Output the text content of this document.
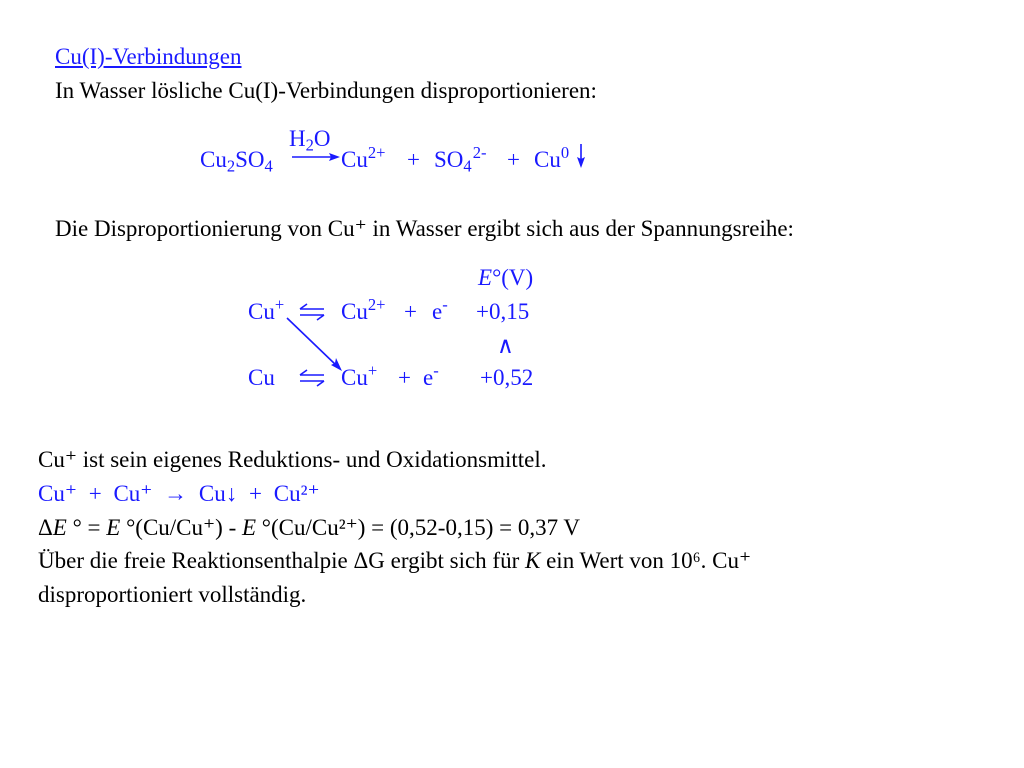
Cu(I)-Verbindungen
In Wasser lösliche Cu(I)-Verbindungen disproportionieren:
$Cu_2SO_4$
$H_2O$
$Cu^{2+} + SO_4^{2-} + Cu^0$
Die Disproportionierung von Cu⁺ in Wasser ergibt sich aus der Spannungsreihe:
E°(V)
Cu+ $Cu^{2+} + e^- +0,15$
∧
Cu	Cu+ + e- +0,52
Cu⁺ ist sein eigenes Reduktions- und Oxidationsmittel.
Cu⁺ + Cu⁺ → Cu↓ + Cu²⁺
ΔE ° = E °(Cu/Cu⁺) - E °(Cu/Cu²⁺) = (0,52-0,15) = 0,37 V
Über die freie Reaktionsenthalpie ΔG ergibt sich für K ein Wert von 10⁶. Cu⁺
disproportioniert vollständig.
